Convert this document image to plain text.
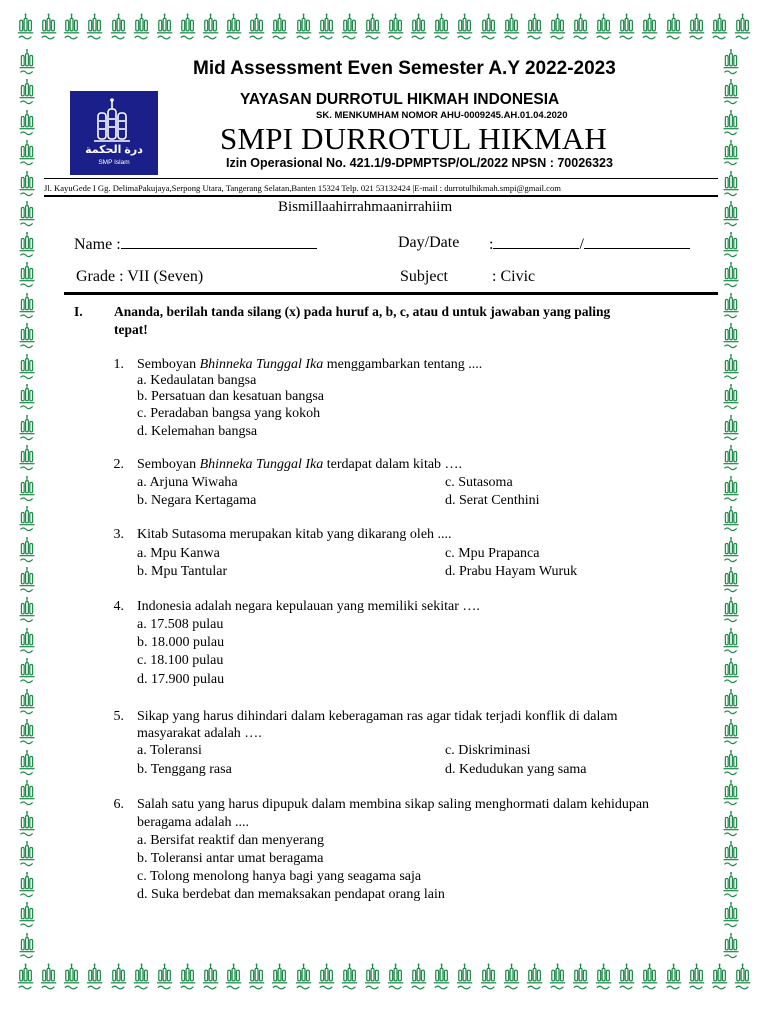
درة الحكمة
SMP Islam
Mid Assessment Even Semester A.Y 2022-2023
YAYASAN DURROTUL HIKMAH INDONESIA
SK. MENKUMHAM NOMOR AHU-0009245.AH.01.04.2020
SMPI DURROTUL HIKMAH
Izin Operasional No. 421.1/9-DPMPTSP/OL/2022 NPSN : 70026323
Jl. KayuGede I Gg. DelimaPakujaya,Serpong Utara, Tangerang Selatan,Banten 15324 Telp. 021 53132424 |E-mail : durrotulhikmah.smpi@gmail.com
Bismillaahirrahmaanirrahiim
Name :	Day/Date :	/
Grade : VII (Seven)	Subject	: Civic
I. Ananda, berilah tanda silang (x) pada huruf a, b, c, atau d untuk jawaban yang paling
tepat!
1. Semboyan Bhinneka Tunggal Ika menggambarkan tentang ....
a. Kedaulatan bangsa
b. Persatuan dan kesatuan bangsa
c. Peradaban bangsa yang kokoh
d. Kelemahan bangsa
2. Semboyan Bhinneka Tunggal Ika terdapat dalam kitab ….
a. Arjuna Wiwaha	c. Sutasoma
b. Negara Kertagama	d. Serat Centhini
3. Kitab Sutasoma merupakan kitab yang dikarang oleh ....
a. Mpu Kanwa	c. Mpu Prapanca
b. Mpu Tantular	d. Prabu Hayam Wuruk
4. Indonesia adalah negara kepulauan yang memiliki sekitar ….
a. 17.508 pulau
b. 18.000 pulau
c. 18.100 pulau
d. 17.900 pulau
5. Sikap yang harus dihindari dalam keberagaman ras agar tidak terjadi konflik di dalam
masyarakat adalah ….
a. Toleransi	c. Diskriminasi
b. Tenggang rasa	d. Kedudukan yang sama
6. Salah satu yang harus dipupuk dalam membina sikap saling menghormati dalam kehidupan
beragama adalah ....
a. Bersifat reaktif dan menyerang
b. Toleransi antar umat beragama
c. Tolong menolong hanya bagi yang seagama saja
d. Suka berdebat dan memaksakan pendapat orang lain
